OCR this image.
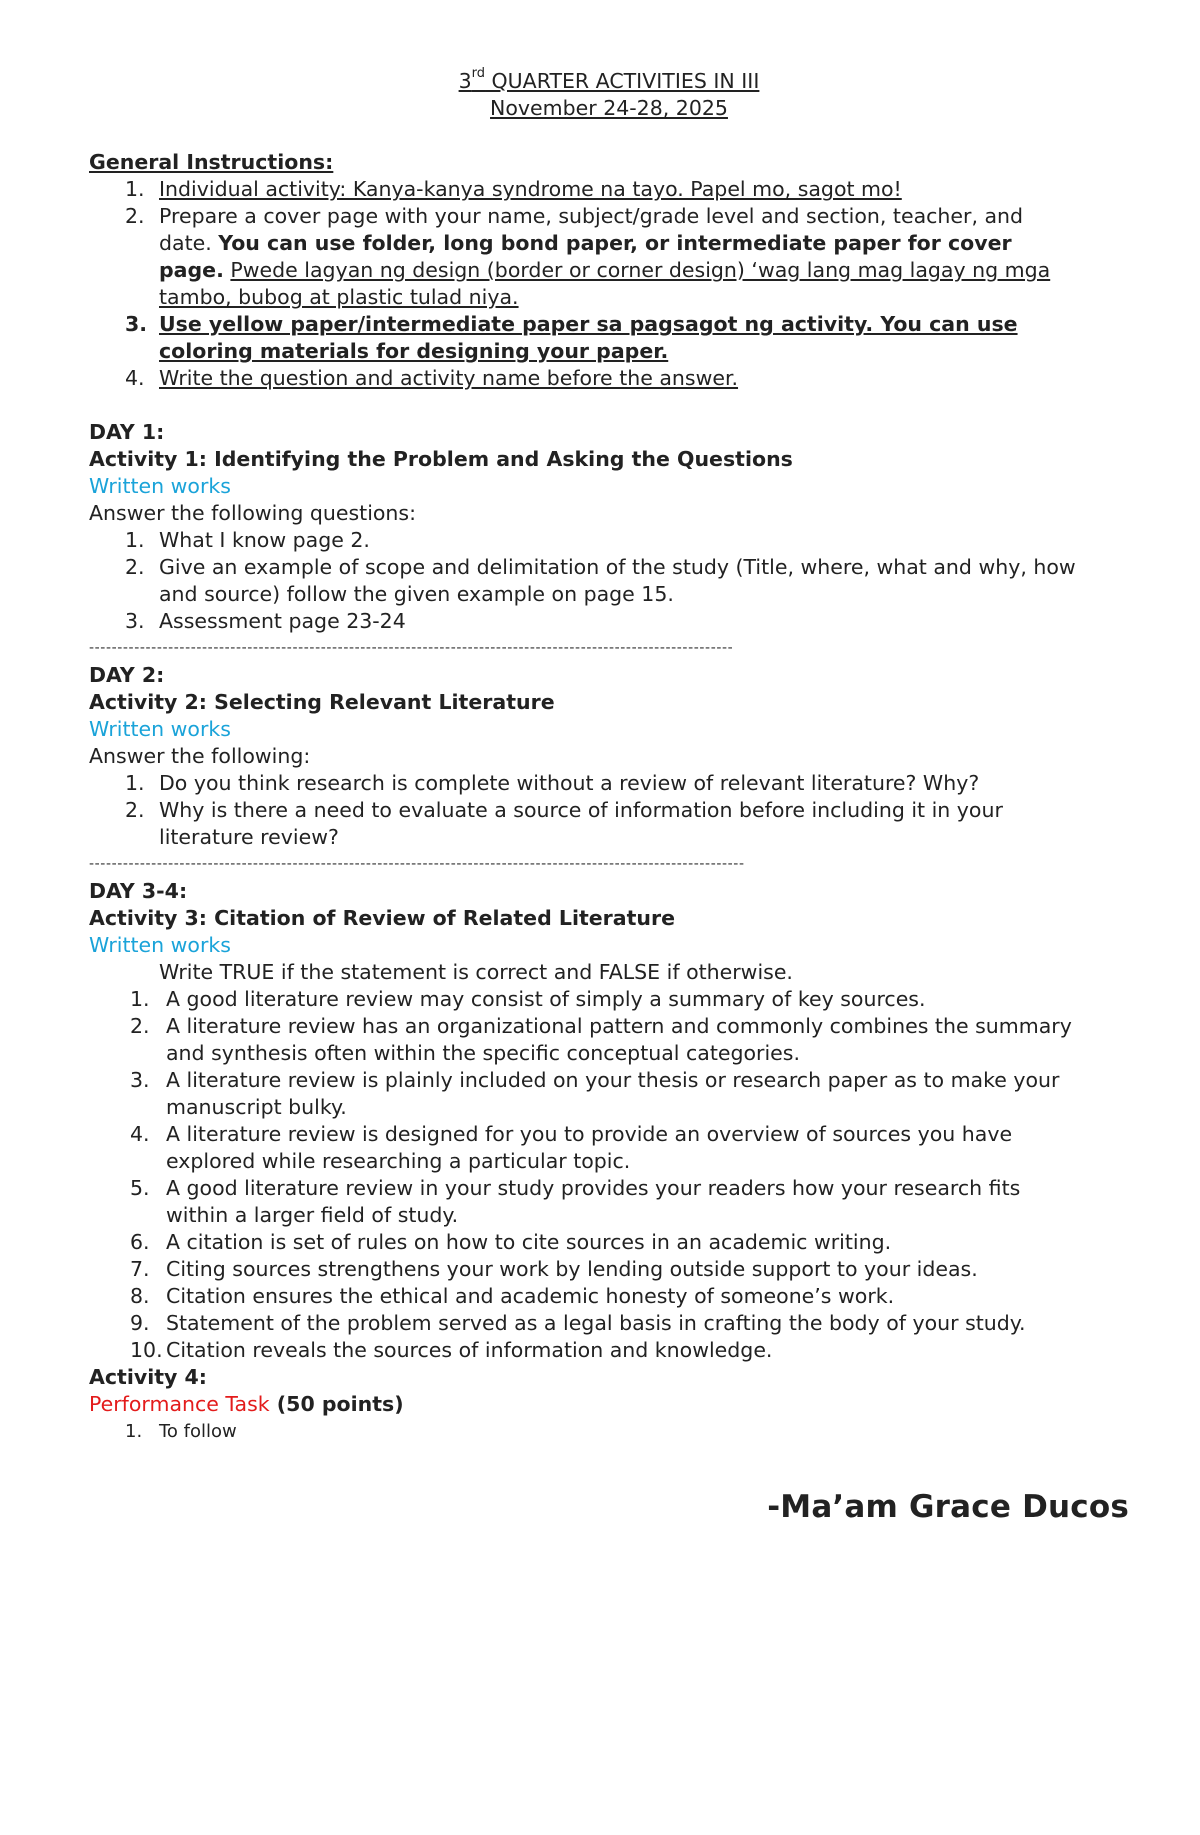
3rd QUARTER ACTIVITIES IN III
November 24-28, 2025
General Instructions:
1. Individual activity: Kanya-kanya syndrome na tayo. Papel mo, sagot mo!
2. Prepare a cover page with your name, subject/grade level and section, teacher, and
date. You can use folder, long bond paper, or intermediate paper for cover
page. Pwede lagyan ng design (border or corner design) ‘wag lang mag lagay ng mga
tambo, bubog at plastic tulad niya.
3. Use yellow paper/intermediate paper sa pagsagot ng activity. You can use
coloring materials for designing your paper.
4. Write the question and activity name before the answer.
DAY 1:
Activity 1: Identifying the Problem and Asking the Questions
Written works
Answer the following questions:
1. What I know page 2.
2. Give an example of scope and delimitation of the study (Title, where, what and why, how
and source) follow the given example on page 15.
3. Assessment page 23-24
------------------------------------------------------------------------------------------------------------------
DAY 2:
Activity 2: Selecting Relevant Literature
Written works
Answer the following:
1. Do you think research is complete without a review of relevant literature? Why?
2. Why is there a need to evaluate a source of information before including it in your
literature review?
--------------------------------------------------------------------------------------------------------------------
DAY 3-4:
Activity 3: Citation of Review of Related Literature
Written works
Write TRUE if the statement is correct and FALSE if otherwise.
1. A good literature review may consist of simply a summary of key sources.
2. A literature review has an organizational pattern and commonly combines the summary
and synthesis often within the specific conceptual categories.
3. A literature review is plainly included on your thesis or research paper as to make your
manuscript bulky.
4. A literature review is designed for you to provide an overview of sources you have
explored while researching a particular topic.
5. A good literature review in your study provides your readers how your research fits
within a larger field of study.
6. A citation is set of rules on how to cite sources in an academic writing.
7. Citing sources strengthens your work by lending outside support to your ideas.
8. Citation ensures the ethical and academic honesty of someone’s work.
9. Statement of the problem served as a legal basis in crafting the body of your study.
10. Citation reveals the sources of information and knowledge.
Activity 4:
Performance Task (50 points)
1. To follow
-Ma’am Grace Ducos
